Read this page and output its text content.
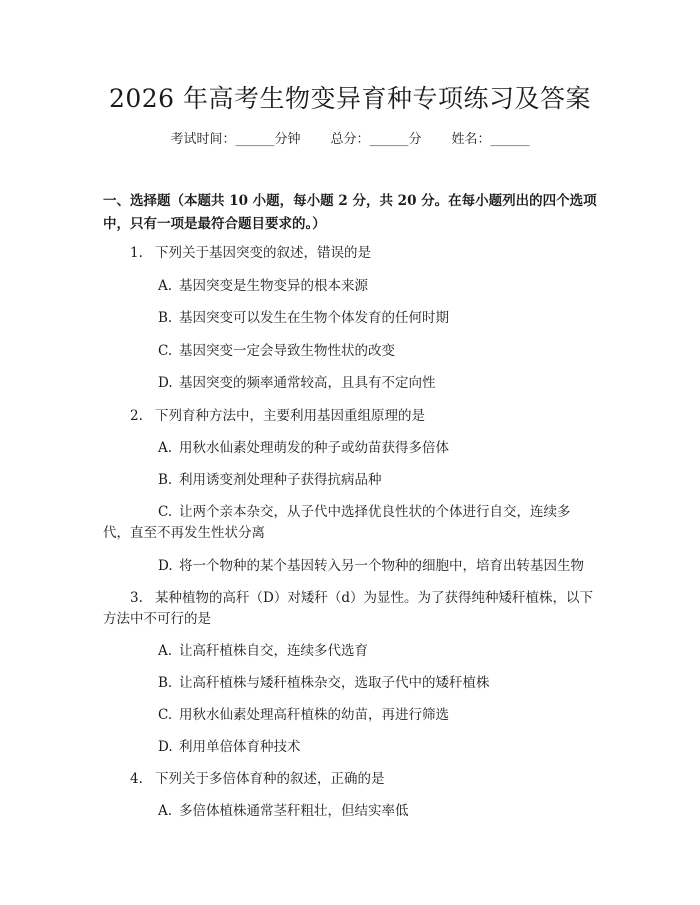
2026 年高考生物变异育种专项练习及答案
考试时间：______分钟 总分：______分 姓名：______
一、选择题（本题共 10 小题，每小题 2 分，共 20 分。在每小题列出的四个选项
中，只有一项是最符合题目要求的。）
1. 下列关于基因突变的叙述，错误的是
A. 基因突变是生物变异的根本来源
B. 基因突变可以发生在生物个体发育的任何时期
C. 基因突变一定会导致生物性状的改变
D. 基因突变的频率通常较高，且具有不定向性
2. 下列育种方法中，主要利用基因重组原理的是
A. 用秋水仙素处理萌发的种子或幼苗获得多倍体
B. 利用诱变剂处理种子获得抗病品种
C. 让两个亲本杂交，从子代中选择优良性状的个体进行自交，连续多
代，直至不再发生性状分离
D. 将一个物种的某个基因转入另一个物种的细胞中，培育出转基因生物
3. 某种植物的高秆（D）对矮秆（d）为显性。为了获得纯种矮秆植株，以下
方法中不可行的是
A. 让高秆植株自交，连续多代选育
B. 让高秆植株与矮秆植株杂交，选取子代中的矮秆植株
C. 用秋水仙素处理高秆植株的幼苗，再进行筛选
D. 利用单倍体育种技术
4. 下列关于多倍体育种的叙述，正确的是
A. 多倍体植株通常茎秆粗壮，但结实率低
